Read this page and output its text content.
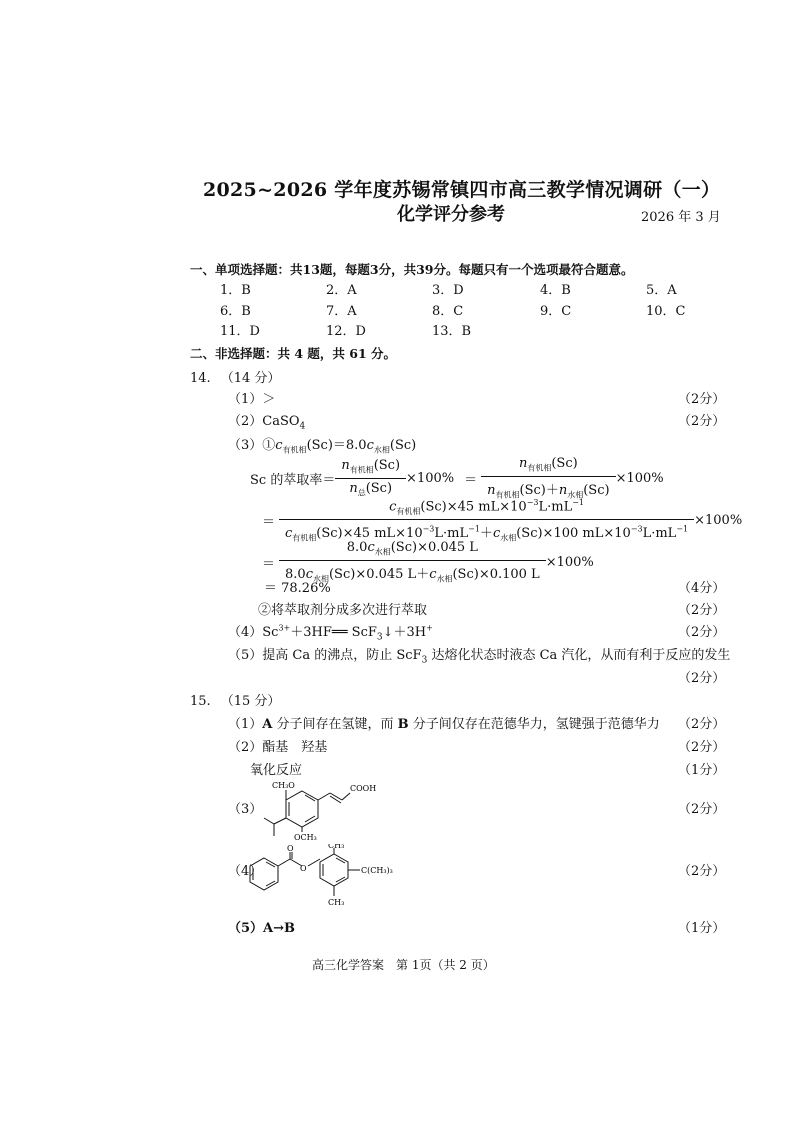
2025~2026 学年度苏锡常镇四市高三教学情况调研（一）
化学评分参考	2026 年 3 月
一、单项选择题：共13题，每题3分，共39分。每题只有一个选项最符合题意。
1．B	2．A	3．D	4．B	5．A
6．B	7．A	8．C	9．C	10．C
11．D	12．D	13．B
二、非选择题：共 4 题，共 61 分。
14. （14 分）
（1）＞	（2分）
（2）CaSO$_4$	（2分）
$(3)①c_{有机相}(Sc)=8.0c_{水相}(Sc)$
Sc 的萃取率＝ $\frac{n_{有机相}(Sc)}{n_总(Sc)} \times 100\% = \frac{n_{有机相}(Sc)}{n_{有机相}(Sc)+n_{水相}(Sc)} \times 100\%$
＝ $\frac{c_{有机相}(Sc)\times 45 mL\times 10^{-3}L\cdot mL^{-1}}{c_{有机相}(Sc)\times 45 mL\times 10^{-3}L\cdot mL^{-1}+c_{水相}(Sc)\times 100 mL\times 10^{-3}L\cdot mL^{-1}} \times 100\%$
＝ $\frac{8.0c_{水相}(Sc)\times 0.045 L}{8.0c_{水相}(Sc)\times 0.045 L+c_{水相}(Sc)\times 0.100 L} \times 100\%$
＝ 78.26%	（4分）
②将萃取剂分成多次进行萃取	（2分）
$(4)Sc^{3+}+3HF══$ ScF$_3$↓＋3H+	（2分）
（5）提高 Ca 的沸点，防止 ScF$_3$ 达熔化状态时液态 Ca 汽化，从而有利于反应的发生
（2分）
15. （15 分）
（1）A 分子间存在氢键，而 B 分子间仅存在范德华力，氢键强于范德华力 （2分）
（2）酯基　羟基	（2分）
氧化反应	（1分）
（3）	（2分）
CH₃O	COOH
OCH₃
（4）	（2分）
O
O
CH₃
C(CH₃)₃
CH₃
（5）A→B	（1分）
高三化学答案　第 1页（共 2 页）
